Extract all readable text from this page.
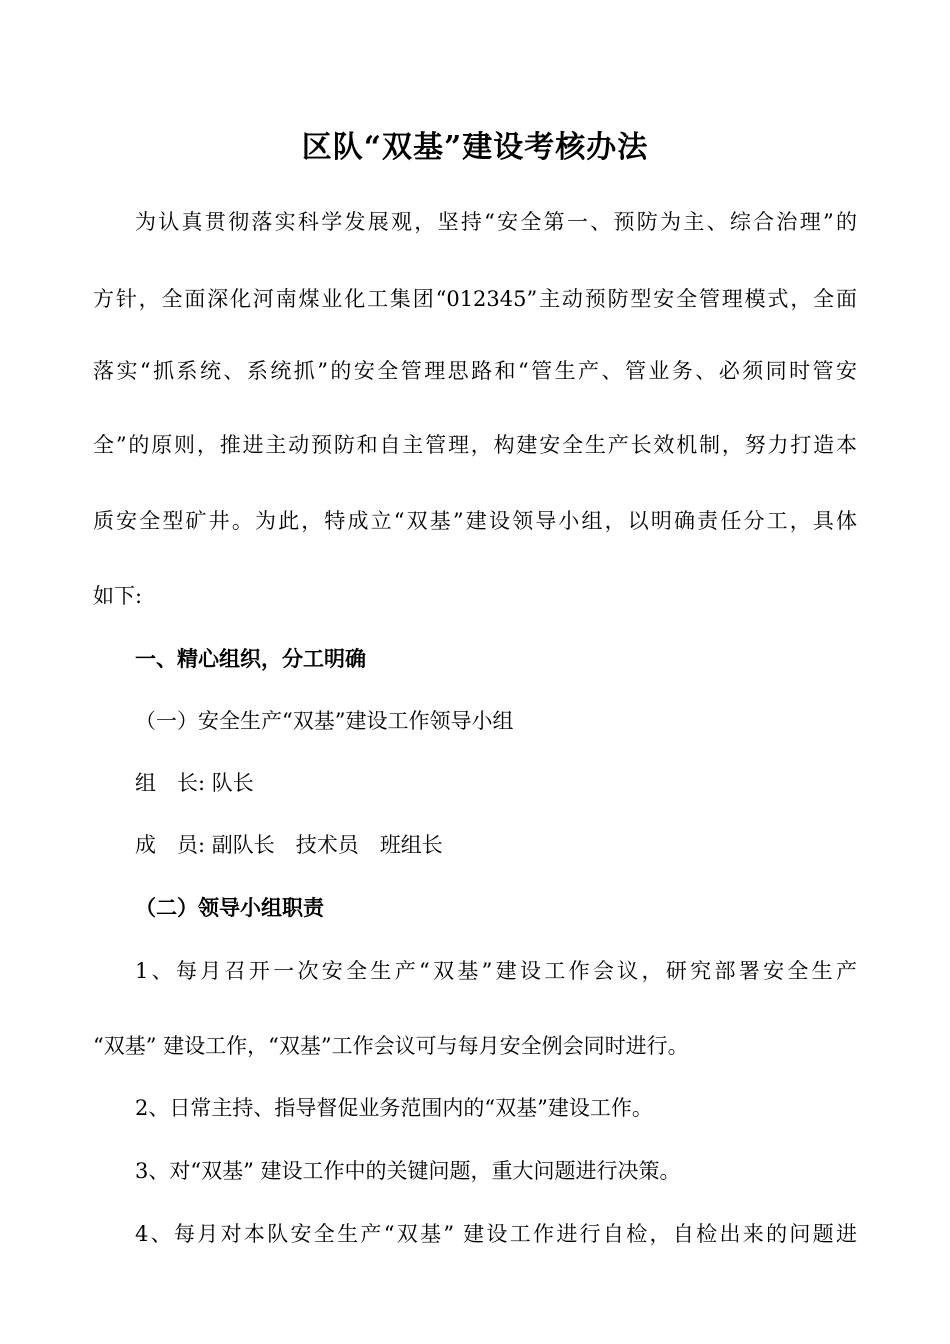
区队“双基”建设考核办法
为认真贯彻落实科学发展观，坚持“安全第一、预防为主、综合治理”的
方针，全面深化河南煤业化工集团“012345”主动预防型安全管理模式，全面
落实“抓系统、系统抓”的安全管理思路和“管生产、管业务、必须同时管安
全”的原则，推进主动预防和自主管理，构建安全生产长效机制，努力打造本
质安全型矿井。为此，特成立“双基”建设领导小组，以明确责任分工，具体
如下:
一、精心组织，分工明确
（一）安全生产“双基”建设工作领导小组
组　长: 队长
成　员: 副队长　技术员　班组长
（二）领导小组职责
1、每月召开一次安全生产“双基”建设工作会议，研究部署安全生产
“双基” 建设工作，“双基”工作会议可与每月安全例会同时进行。
2、日常主持、指导督促业务范围内的“双基”建设工作。
3、对“双基” 建设工作中的关键问题，重大问题进行决策。
4、每月对本队安全生产“双基” 建设工作进行自检，自检出来的问题进
